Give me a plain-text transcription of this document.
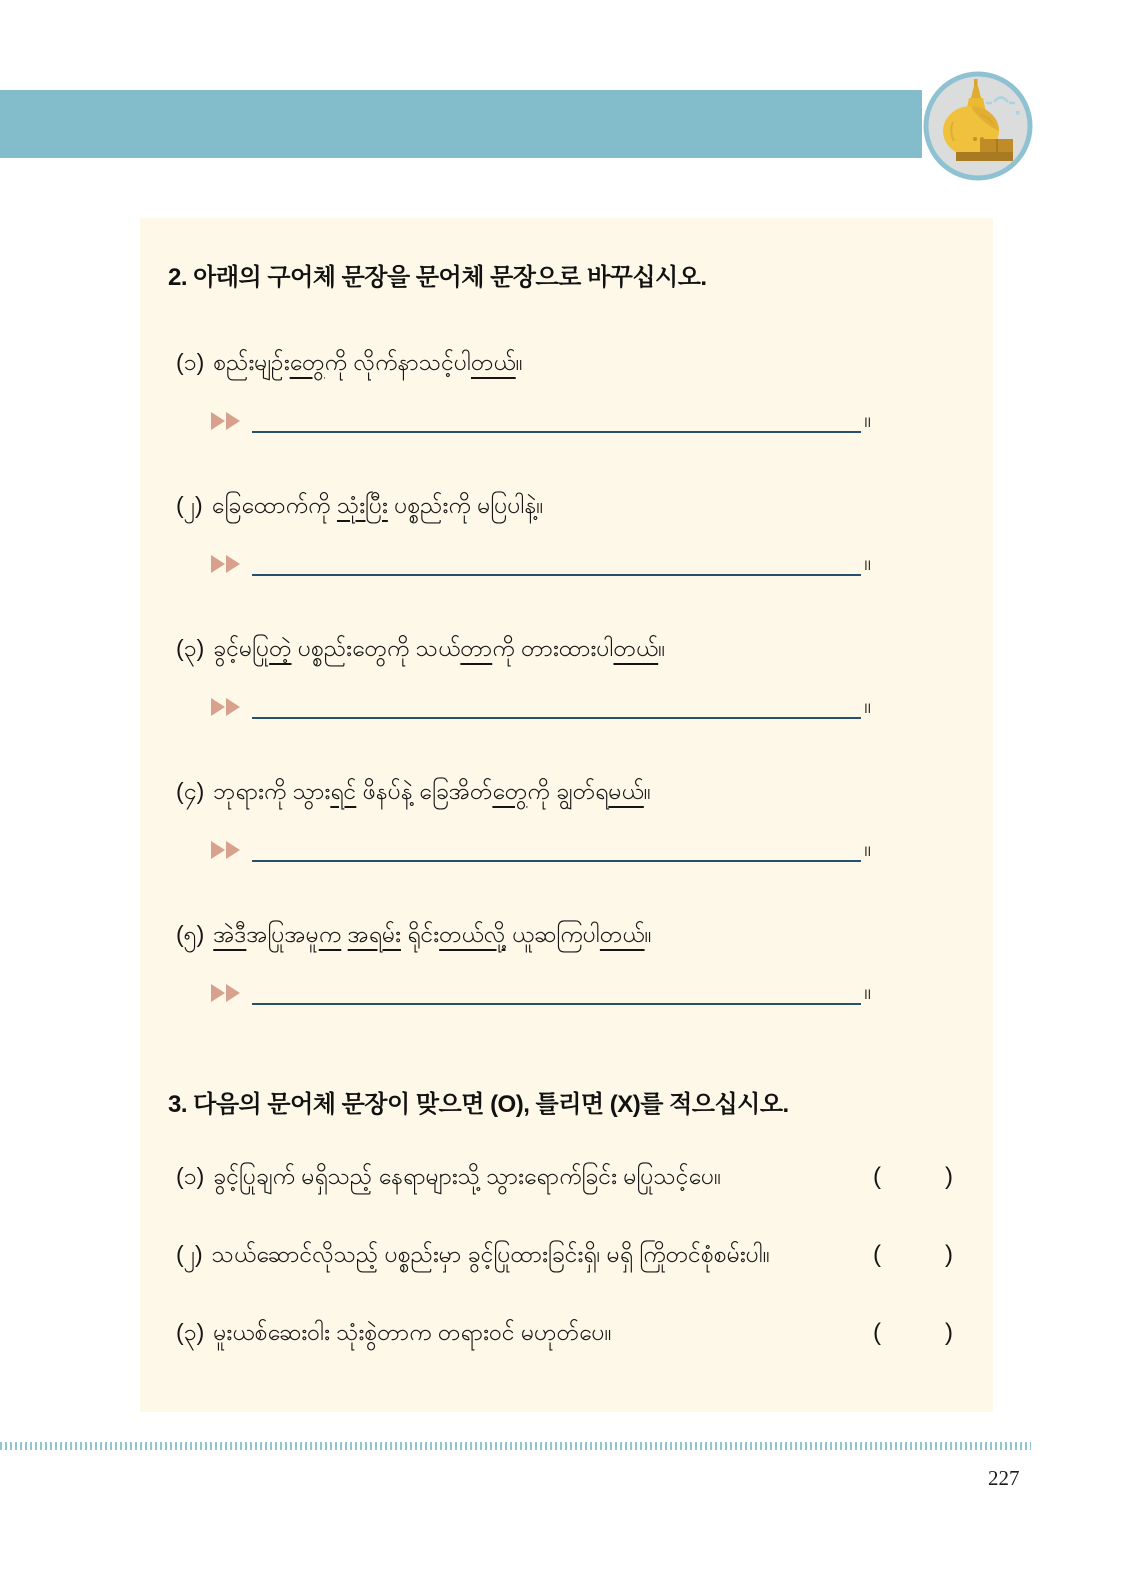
2. 아래의 구어체 문장을 문어체 문장으로 바꾸십시오.
(၁) စည်းမျဉ်းတွေကို လိုက်နာသင့်ပါတယ်။
။
(၂) ခြေထောက်ကို သုံးပြီး ပစ္စည်းကို မပြပါနဲ့။
။
(၃) ခွင့်မပြုတဲ့ ပစ္စည်းတွေကို သယ်တာကို တားထားပါတယ်။
။
(၄) ဘုရားကို သွားရင် ဖိနပ်နဲ့ ခြေအိတ်တွေကို ချွတ်ရမယ်။
။
(၅) အဲဒီအပြုအမူက အရမ်း ရိုင်းတယ်လို့ ယူဆကြပါတယ်။
။
3. 다음의 문어체 문장이 맞으면 (O), 틀리면 (X)를 적으십시오.
(၁) ခွင့်ပြုချက် မရှိသည့် နေရာများသို့ သွားရောက်ခြင်း မပြုသင့်ပေ။	(	)
(၂) သယ်ဆောင်လိုသည့် ပစ္စည်းမှာ ခွင့်ပြုထားခြင်းရှိ၊ မရှိ ကြိုတင်စုံစမ်းပါ။	(	)
(၃) မူးယစ်ဆေးဝါး သုံးစွဲတာက တရားဝင် မဟုတ်ပေ။	(	)
227
